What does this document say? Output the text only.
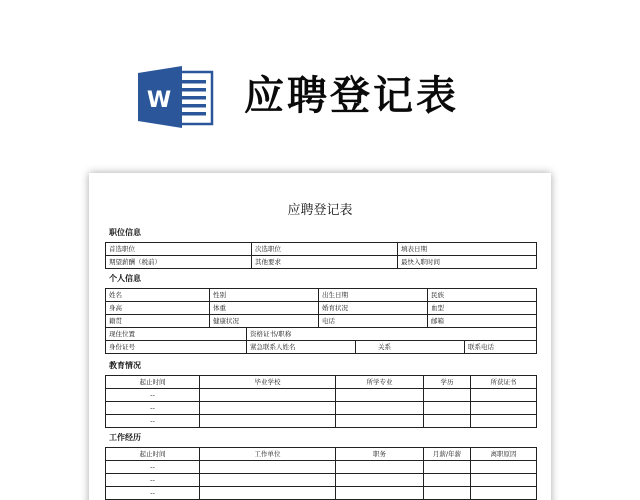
W 应聘登记表
应聘登记表
职位信息
首选职位	次选职位	填表日期
期望薪酬（税前）	其他要求	最快入职时间
个人信息
姓名	性别		出生日期		民族	
身高	体重		婚育状况		血型	
籍贯	健康状况		电话		邮箱	
现住位置		资格证书/职称				
身份证号		紧急联系人姓名		关系		联系电话
教育情况
起止时间	毕业学校	所学专业	学历	所获证书
--				
--				
--				
工作经历
起止时间	工作单位	职务	月薪/年薪	离职原因
--				
--				
--				
